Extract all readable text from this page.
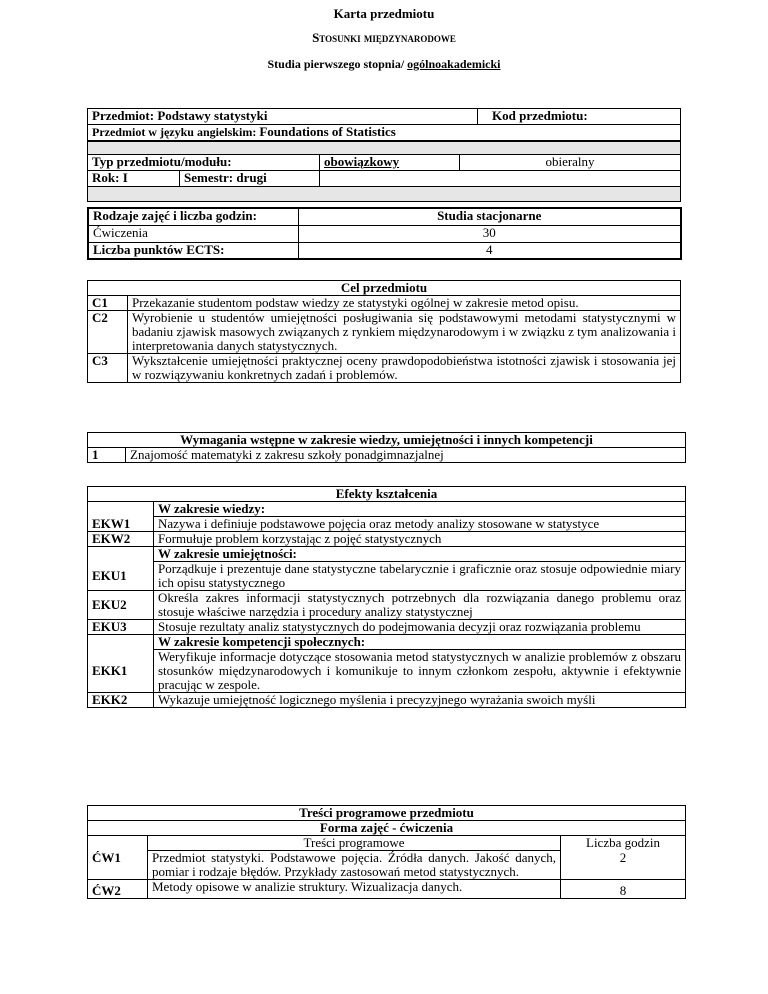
Karta przedmiotu
Stosunki międzynarodowe
Studia pierwszego stopnia/ ogólnoakademicki
Przedmiot: Podstawy statystyki	Kod przedmiotu:
Przedmiot w języku angielskim: Foundations of Statistics

Typ przedmiotu/modułu:		obowiązkowy	obieralny
Rok: I	Semestr: drugi		

Rodzaje zajęć i liczba godzin:	Studia stacjonarne
Ćwiczenia	30
Liczba punktów ECTS:	4
Cel przedmiotu	
C1	Przekazanie studentom podstaw wiedzy ze statystyki ogólnej w zakresie metod opisu.
C2	Wyrobienie u studentów umiejętności posługiwania się podstawowymi metodami statystycznymi w badaniu zjawisk masowych związanych z rynkiem międzynarodowym i w związku z tym analizowania i interpretowania danych statystycznych.
C3	Wykształcenie umiejętności praktycznej oceny prawdopodobieństwa istotności zjawisk i stosowania jej w rozwiązywaniu konkretnych zadań i problemów.
Wymagania wstępne w zakresie wiedzy, umiejętności i innych kompetencji
1	Znajomość matematyki z zakresu szkoły ponadgimnazjalnej
Efekty kształcenia	
	W zakresie wiedzy:
EKW1	Nazywa i definiuje podstawowe pojęcia oraz metody analizy stosowane w statystyce
EKW2	Formułuje problem korzystając z pojęć statystycznych
	W zakresie umiejętności:
EKU1	Porządkuje i prezentuje dane statystyczne tabelarycznie i graficznie oraz stosuje odpowiednie miary ich opisu statystycznego
EKU2	Określa zakres informacji statystycznych potrzebnych dla rozwiązania danego problemu oraz stosuje właściwe narzędzia i procedury analizy statystycznej
EKU3	Stosuje rezultaty analiz statystycznych do podejmowania decyzji oraz rozwiązania problemu
	W zakresie kompetencji społecznych:
EKK1	Weryfikuje informacje dotyczące stosowania metod statystycznych w analizie problemów z obszaru stosunków międzynarodowych i komunikuje to innym członkom zespołu, aktywnie i efektywnie pracując w zespole.
EKK2	Wykazuje umiejętność logicznego myślenia i precyzyjnego wyrażania swoich myśli
Treści programowe przedmiotu		
Forma zajęć - ćwiczenia		
	Treści programowe	Liczba godzin
ĆW1	Przedmiot statystyki. Podstawowe pojęcia. Źródła danych. Jakość danych, pomiar i rodzaje błędów. Przykłady zastosowań metod statystycznych.	2
ĆW2	Metody opisowe w analizie struktury. Wizualizacja danych.	8
